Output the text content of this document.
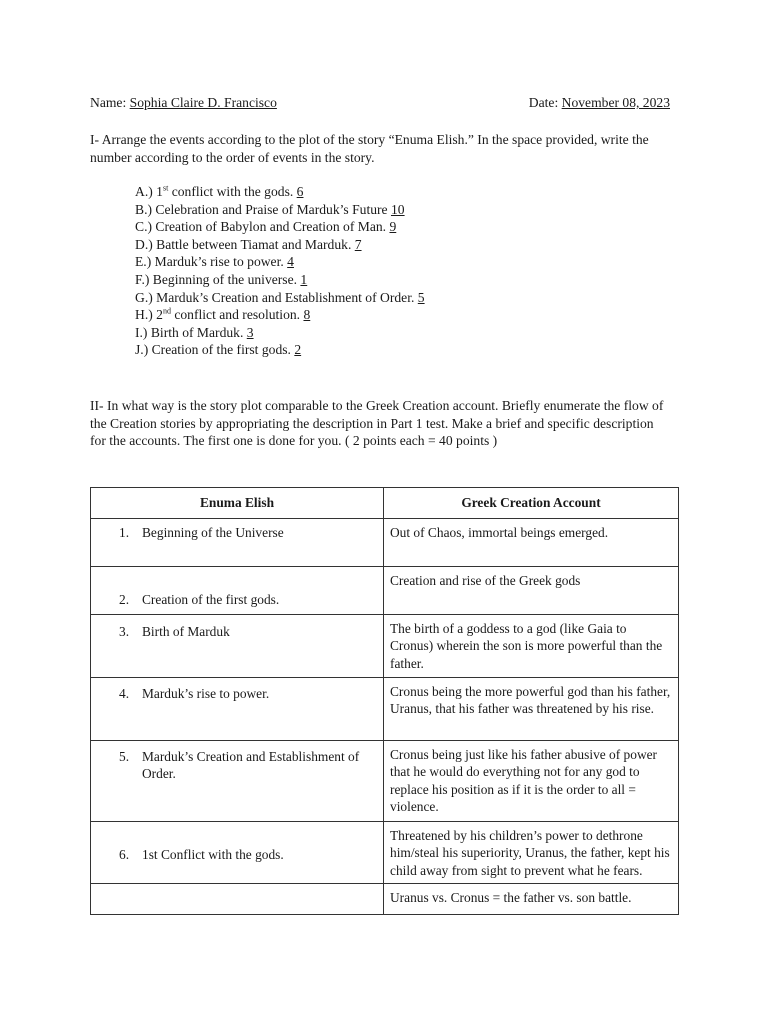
Name: Sophia Claire D. Francisco	Date: November 08, 2023

I- Arrange the events according to the plot of the story “Enuma Elish.” In the space provided, write the

number according to the order of events in the story.

A.) 1st conflict with the gods. 6
B.) Celebration and Praise of Marduk’s Future 10
C.) Creation of Babylon and Creation of Man. 9
D.) Battle between Tiamat and Marduk. 7
E.) Marduk’s rise to power. 4
F.) Beginning of the universe. 1
G.) Marduk’s Creation and Establishment of Order. 5
H.) 2nd conflict and resolution. 8
I.) Birth of Marduk. 3
J.) Creation of the first gods. 2

II- In what way is the story plot comparable to the Greek Creation account. Briefly enumerate the flow of

the Creation stories by appropriating the description in Part 1 test. Make a brief and specific description

for the accounts. The first one is done for you. ( 2 points each = 40 points )

Enuma Elish	Greek Creation Account

1. Beginning of the Universe	Out of Chaos, immortal beings emerged.

2. Creation of the first gods.	Creation and rise of the Greek gods

3. Birth of Marduk	The birth of a goddess to a god (like Gaia to Cronus) wherein the son is more powerful than the father.

4. Marduk’s rise to power.	Cronus being the more powerful god than his father, Uranus, that his father was threatened by his rise.

5. Marduk’s Creation and Establishment of Order.	Cronus being just like his father abusive of power that he would do everything not for any god to replace his position as if it is the order to all = violence.

6. 1st Conflict with the gods.	Threatened by his children’s power to dethrone him/steal his superiority, Uranus, the father, kept his child away from sight to prevent what he fears.

	Uranus vs. Cronus = the father vs. son battle.
